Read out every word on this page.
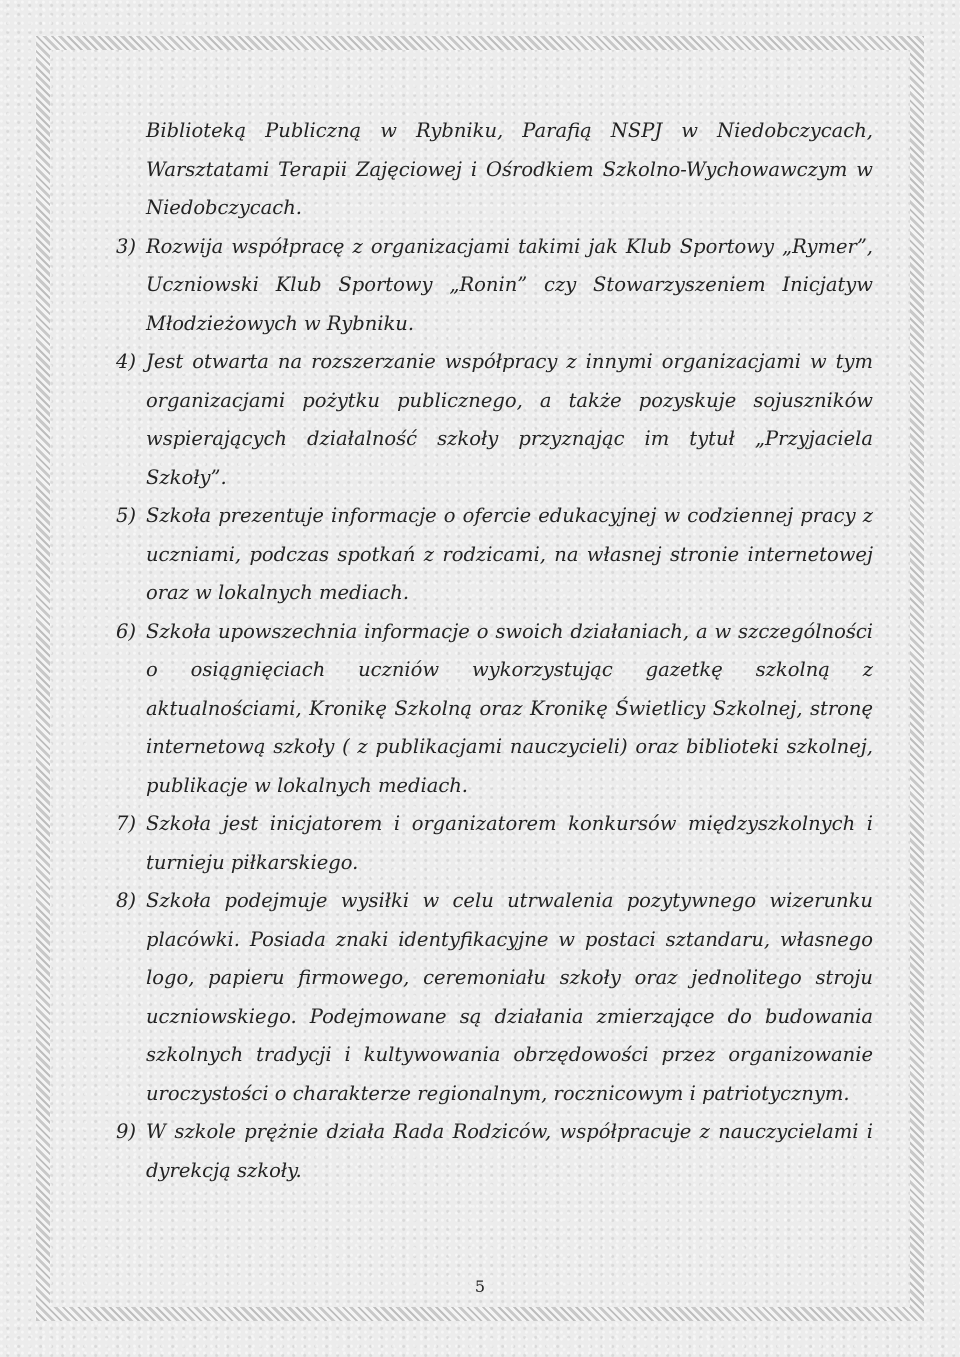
Biblioteką Publiczną w Rybniku, Parafią NSPJ w Niedobczycach, Warsztatami Terapii Zajęciowej i Ośrodkiem Szkolno-Wychowawczym w Niedobczycach.

3) Rozwija współpracę z organizacjami takimi jak Klub Sportowy „Rymer”, Uczniowski Klub Sportowy „Ronin” czy Stowarzyszeniem Inicjatyw Młodzieżowych w Rybniku.
4) Jest otwarta na rozszerzanie współpracy z innymi organizacjami w tym organizacjami pożytku publicznego, a także pozyskuje sojuszników wspierających działalność szkoły przyznając im tytuł „Przyjaciela Szkoły”.
5) Szkoła prezentuje informacje o ofercie edukacyjnej w codziennej pracy z uczniami, podczas spotkań z rodzicami, na własnej stronie internetowej oraz w lokalnych mediach.
6) Szkoła upowszechnia informacje o swoich działaniach, a w szczególności o osiągnięciach uczniów wykorzystując gazetkę szkolną z aktualnościami, Kronikę Szkolną oraz Kronikę Świetlicy Szkolnej, stronę internetową szkoły ( z publikacjami nauczycieli) oraz biblioteki szkolnej, publikacje w lokalnych mediach.
7) Szkoła jest inicjatorem i organizatorem konkursów międzyszkolnych i turnieju piłkarskiego.
8) Szkoła podejmuje wysiłki w celu utrwalenia pozytywnego wizerunku placówki. Posiada znaki identyfikacyjne w postaci sztandaru, własnego logo, papieru firmowego, ceremoniału szkoły oraz jednolitego stroju uczniowskiego. Podejmowane są działania zmierzające do budowania szkolnych tradycji i kultywowania obrzędowości przez organizowanie uroczystości o charakterze regionalnym, rocznicowym i patriotycznym.
9) W szkole prężnie działa Rada Rodziców, współpracuje z nauczycielami i dyrekcją szkoły.
5
